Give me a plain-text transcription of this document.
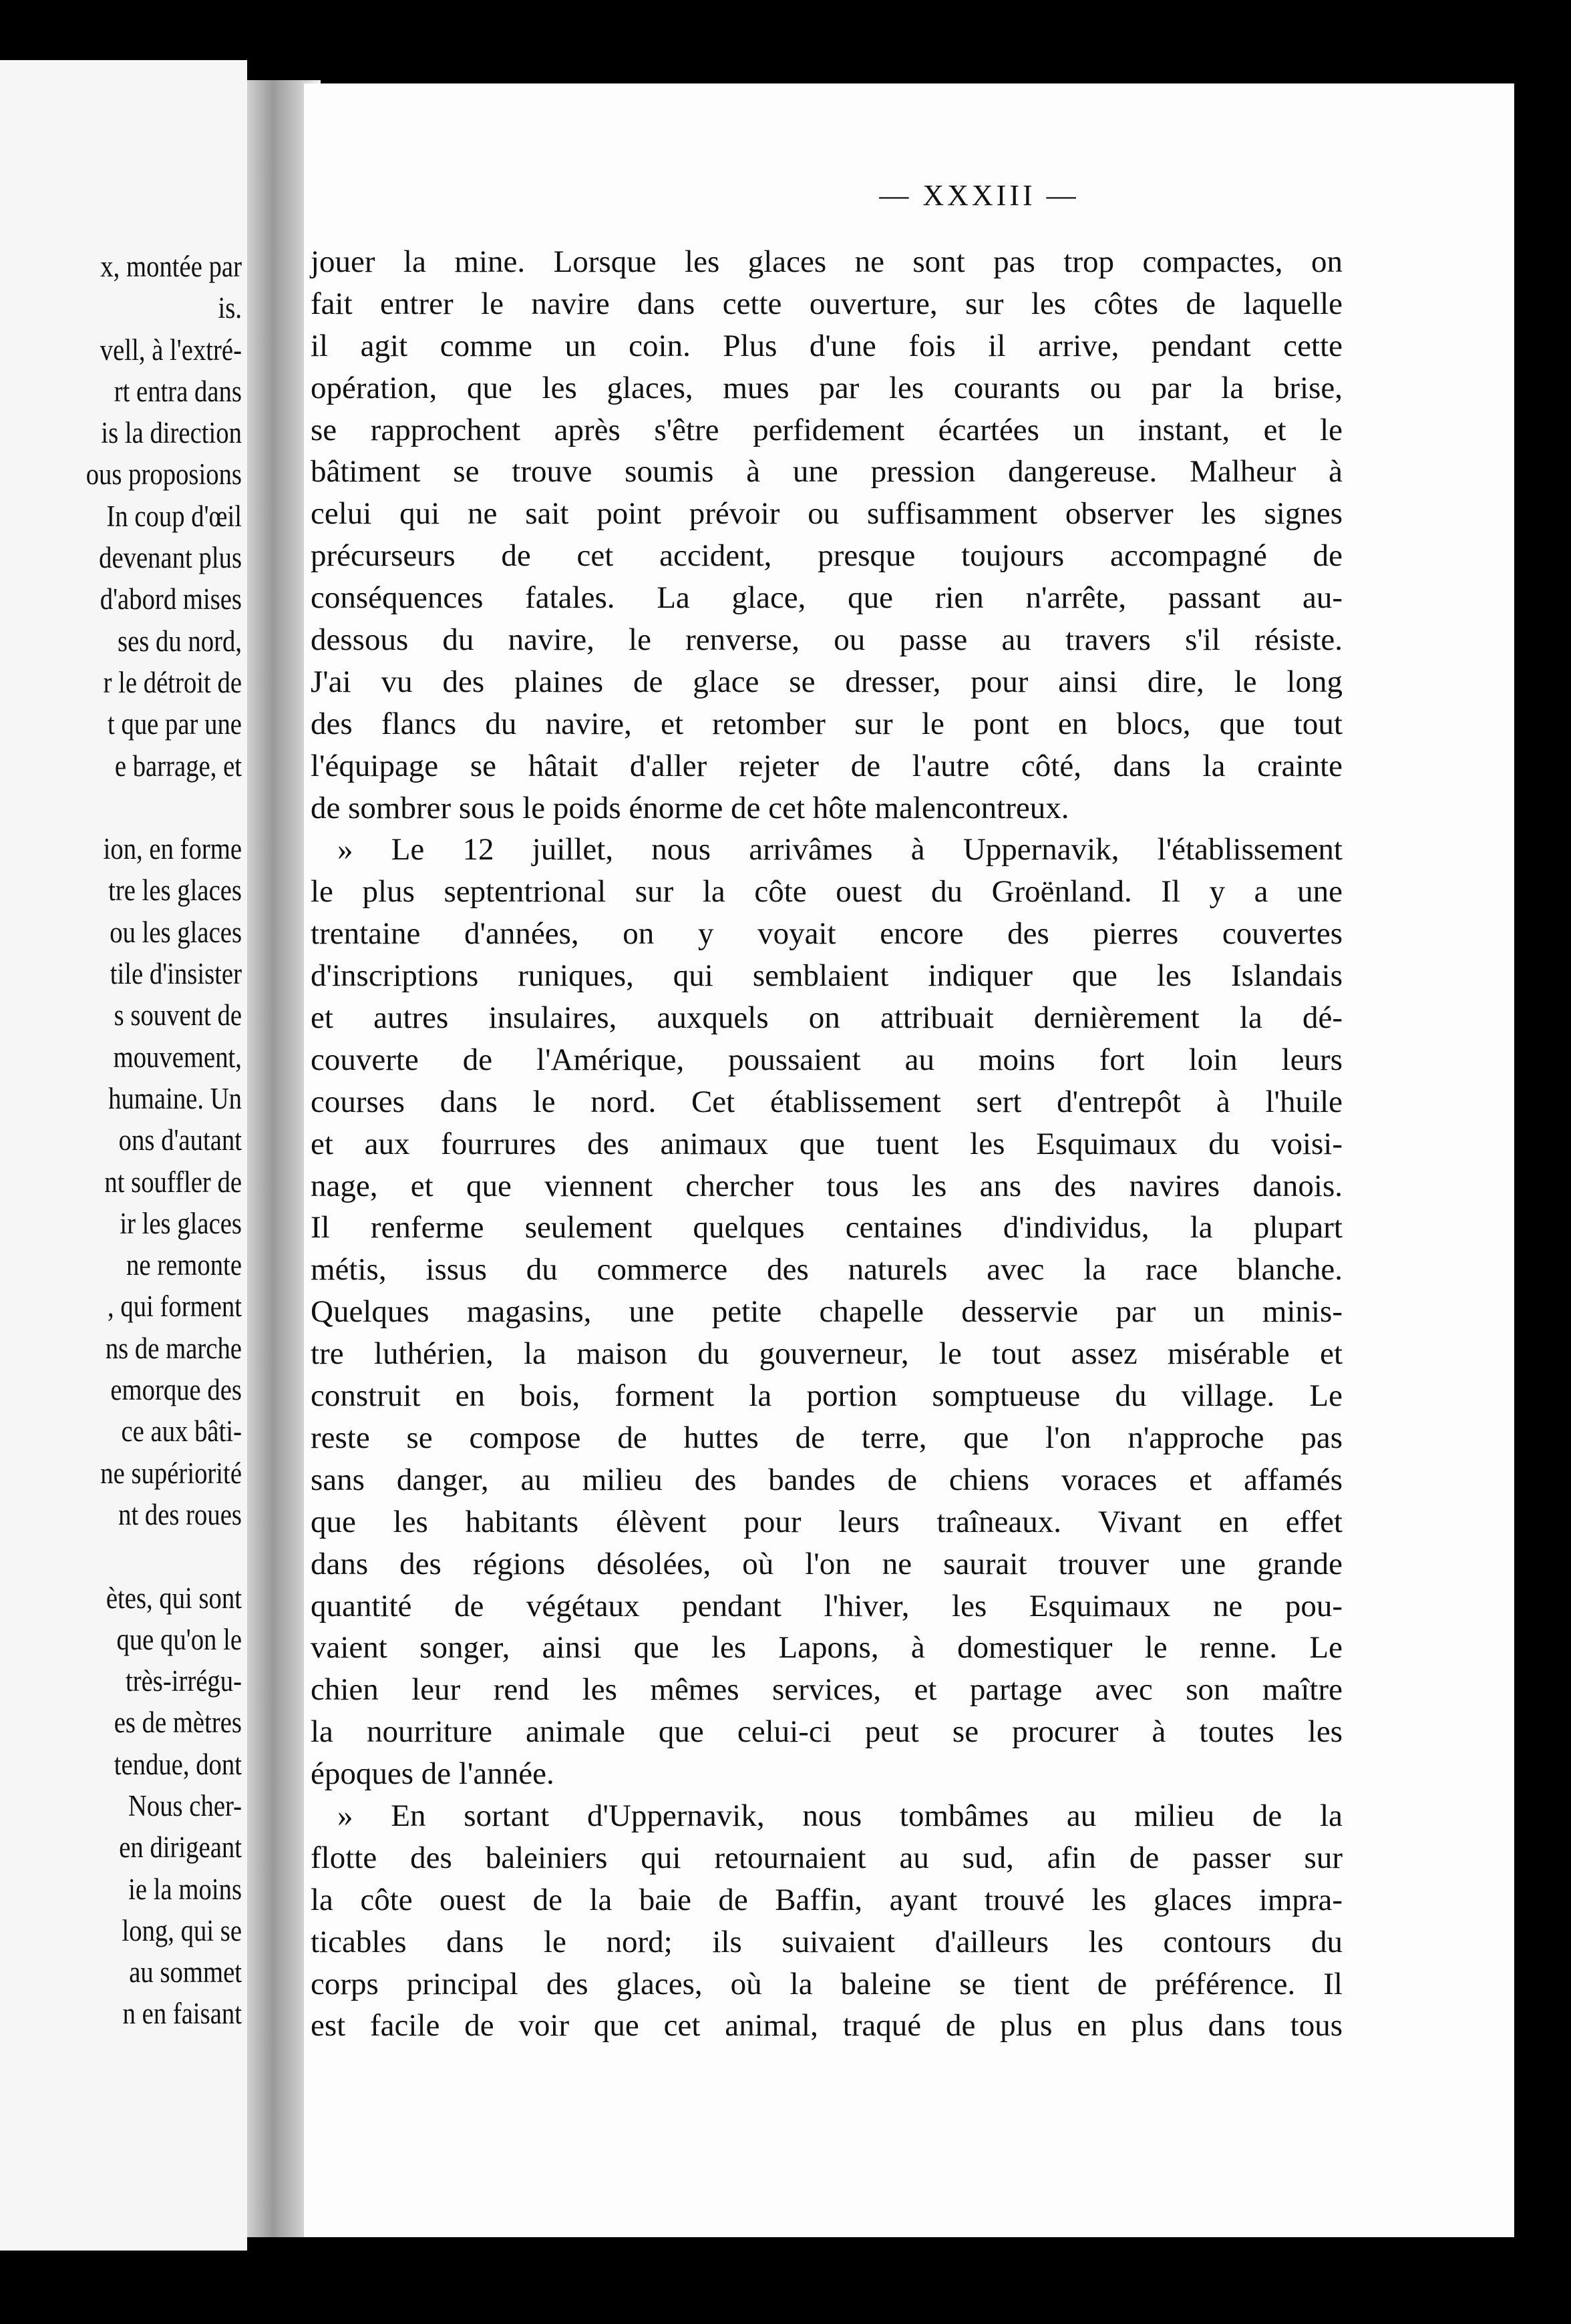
x, montée par
is.
vell, à l'extré-
rt entra dans
is la direction
ous proposions
In coup d'œil
devenant plus
d'abord mises
ses du nord,
r le détroit de
t que par une
e barrage, et
ion, en forme
tre les glaces
ou les glaces
tile d'insister
s souvent de
mouvement,
humaine. Un
ons d'autant
nt souffler de
ir les glaces
ne remonte
, qui forment
ns de marche
emorque des
ce aux bâti-
ne supériorité
nt des roues
ètes, qui sont
que qu'on le
très-irrégu-
es de mètres
tendue, dont
Nous cher-
en dirigeant
ie la moins
long, qui se
au sommet
n en faisant
— XXXIII —
jouer la mine. Lorsque les glaces ne sont pas trop compactes, on
fait entrer le navire dans cette ouverture, sur les côtes de laquelle
il agit comme un coin. Plus d'une fois il arrive, pendant cette
opération, que les glaces, mues par les courants ou par la brise,
se rapprochent après s'être perfidement écartées un instant, et le
bâtiment se trouve soumis à une pression dangereuse. Malheur à
celui qui ne sait point prévoir ou suffisamment observer les signes
précurseurs de cet accident, presque toujours accompagné de
conséquences fatales. La glace, que rien n'arrête, passant au-
dessous du navire, le renverse, ou passe au travers s'il résiste.
J'ai vu des plaines de glace se dresser, pour ainsi dire, le long
des flancs du navire, et retomber sur le pont en blocs, que tout
l'équipage se hâtait d'aller rejeter de l'autre côté, dans la crainte
de sombrer sous le poids énorme de cet hôte malencontreux.
» Le 12 juillet, nous arrivâmes à Uppernavik, l'établissement
le plus septentrional sur la côte ouest du Groënland. Il y a une
trentaine d'années, on y voyait encore des pierres couvertes
d'inscriptions runiques, qui semblaient indiquer que les Islandais
et autres insulaires, auxquels on attribuait dernièrement la dé-
couverte de l'Amérique, poussaient au moins fort loin leurs
courses dans le nord. Cet établissement sert d'entrepôt à l'huile
et aux fourrures des animaux que tuent les Esquimaux du voisi-
nage, et que viennent chercher tous les ans des navires danois.
Il renferme seulement quelques centaines d'individus, la plupart
métis, issus du commerce des naturels avec la race blanche.
Quelques magasins, une petite chapelle desservie par un minis-
tre luthérien, la maison du gouverneur, le tout assez misérable et
construit en bois, forment la portion somptueuse du village. Le
reste se compose de huttes de terre, que l'on n'approche pas
sans danger, au milieu des bandes de chiens voraces et affamés
que les habitants élèvent pour leurs traîneaux. Vivant en effet
dans des régions désolées, où l'on ne saurait trouver une grande
quantité de végétaux pendant l'hiver, les Esquimaux ne pou-
vaient songer, ainsi que les Lapons, à domestiquer le renne. Le
chien leur rend les mêmes services, et partage avec son maître
la nourriture animale que celui-ci peut se procurer à toutes les
époques de l'année.
» En sortant d'Uppernavik, nous tombâmes au milieu de la
flotte des baleiniers qui retournaient au sud, afin de passer sur
la côte ouest de la baie de Baffin, ayant trouvé les glaces impra-
ticables dans le nord; ils suivaient d'ailleurs les contours du
corps principal des glaces, où la baleine se tient de préférence. Il
est facile de voir que cet animal, traqué de plus en plus dans tous
